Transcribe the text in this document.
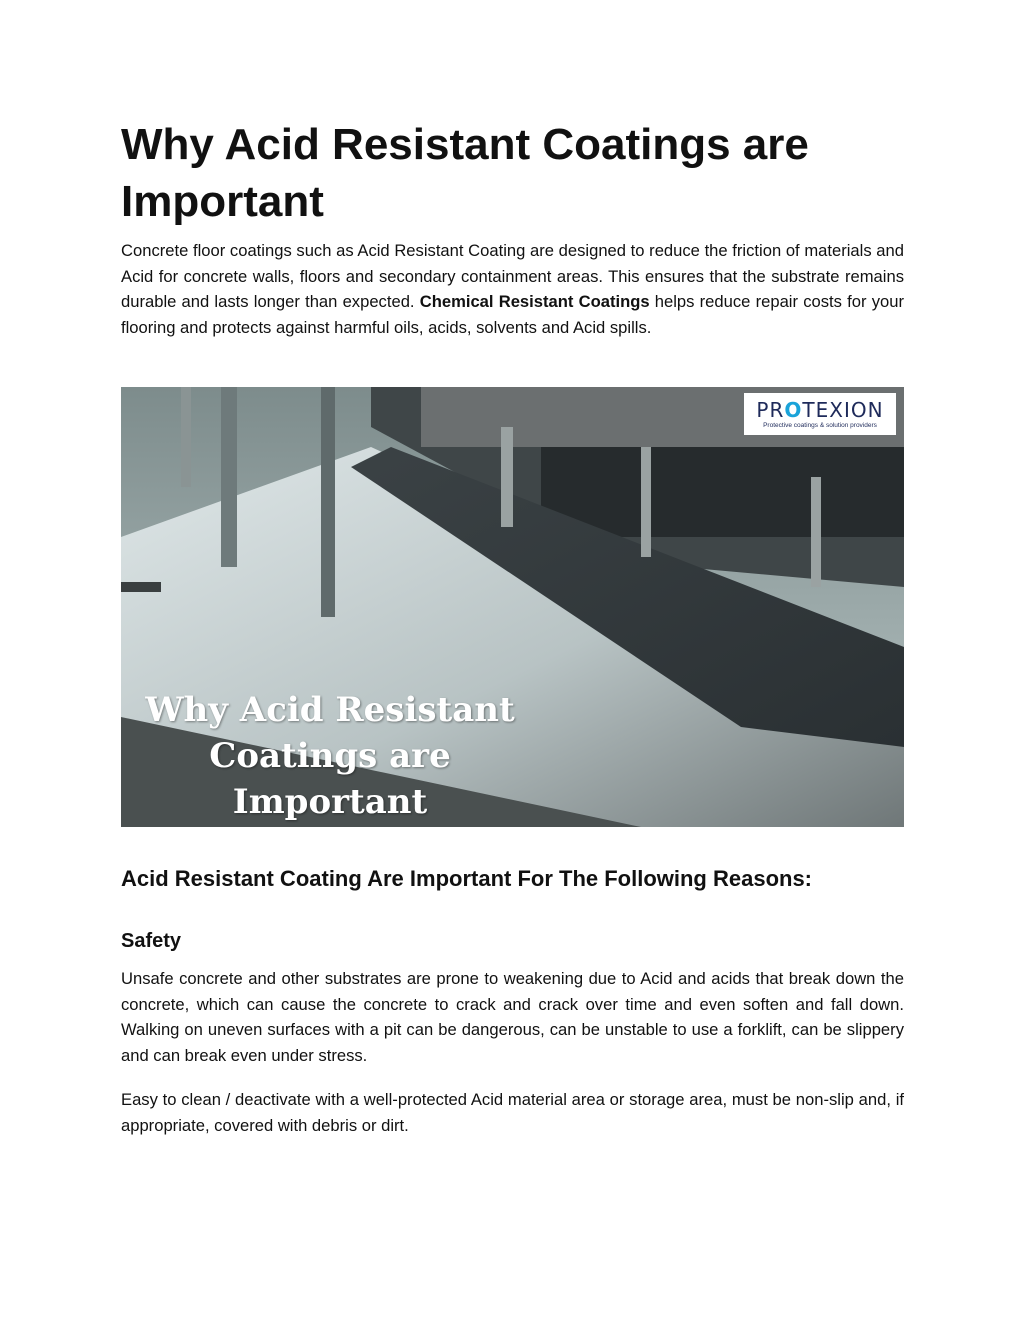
Why Acid Resistant Coatings are Important

Concrete floor coatings such as Acid Resistant Coating are designed to reduce the friction of materials and Acid for concrete walls, floors and secondary containment areas. This ensures that the substrate remains durable and lasts longer than expected. Chemical Resistant Coatings helps reduce repair costs for your flooring and protects against harmful oils, acids, solvents and Acid spills.

PROTEXION
Protective coatings & solution providers
Why Acid Resistant
Coatings are
Important
Acid Resistant Coating Are Important For The Following Reasons:
Safety

Unsafe concrete and other substrates are prone to weakening due to Acid and acids that break down the concrete, which can cause the concrete to crack and crack over time and even soften and fall down. Walking on uneven surfaces with a pit can be dangerous, can be unstable to use a forklift, can be slippery and can break even under stress.

Easy to clean / deactivate with a well-protected Acid material area or storage area, must be non-slip and, if appropriate, covered with debris or dirt.
